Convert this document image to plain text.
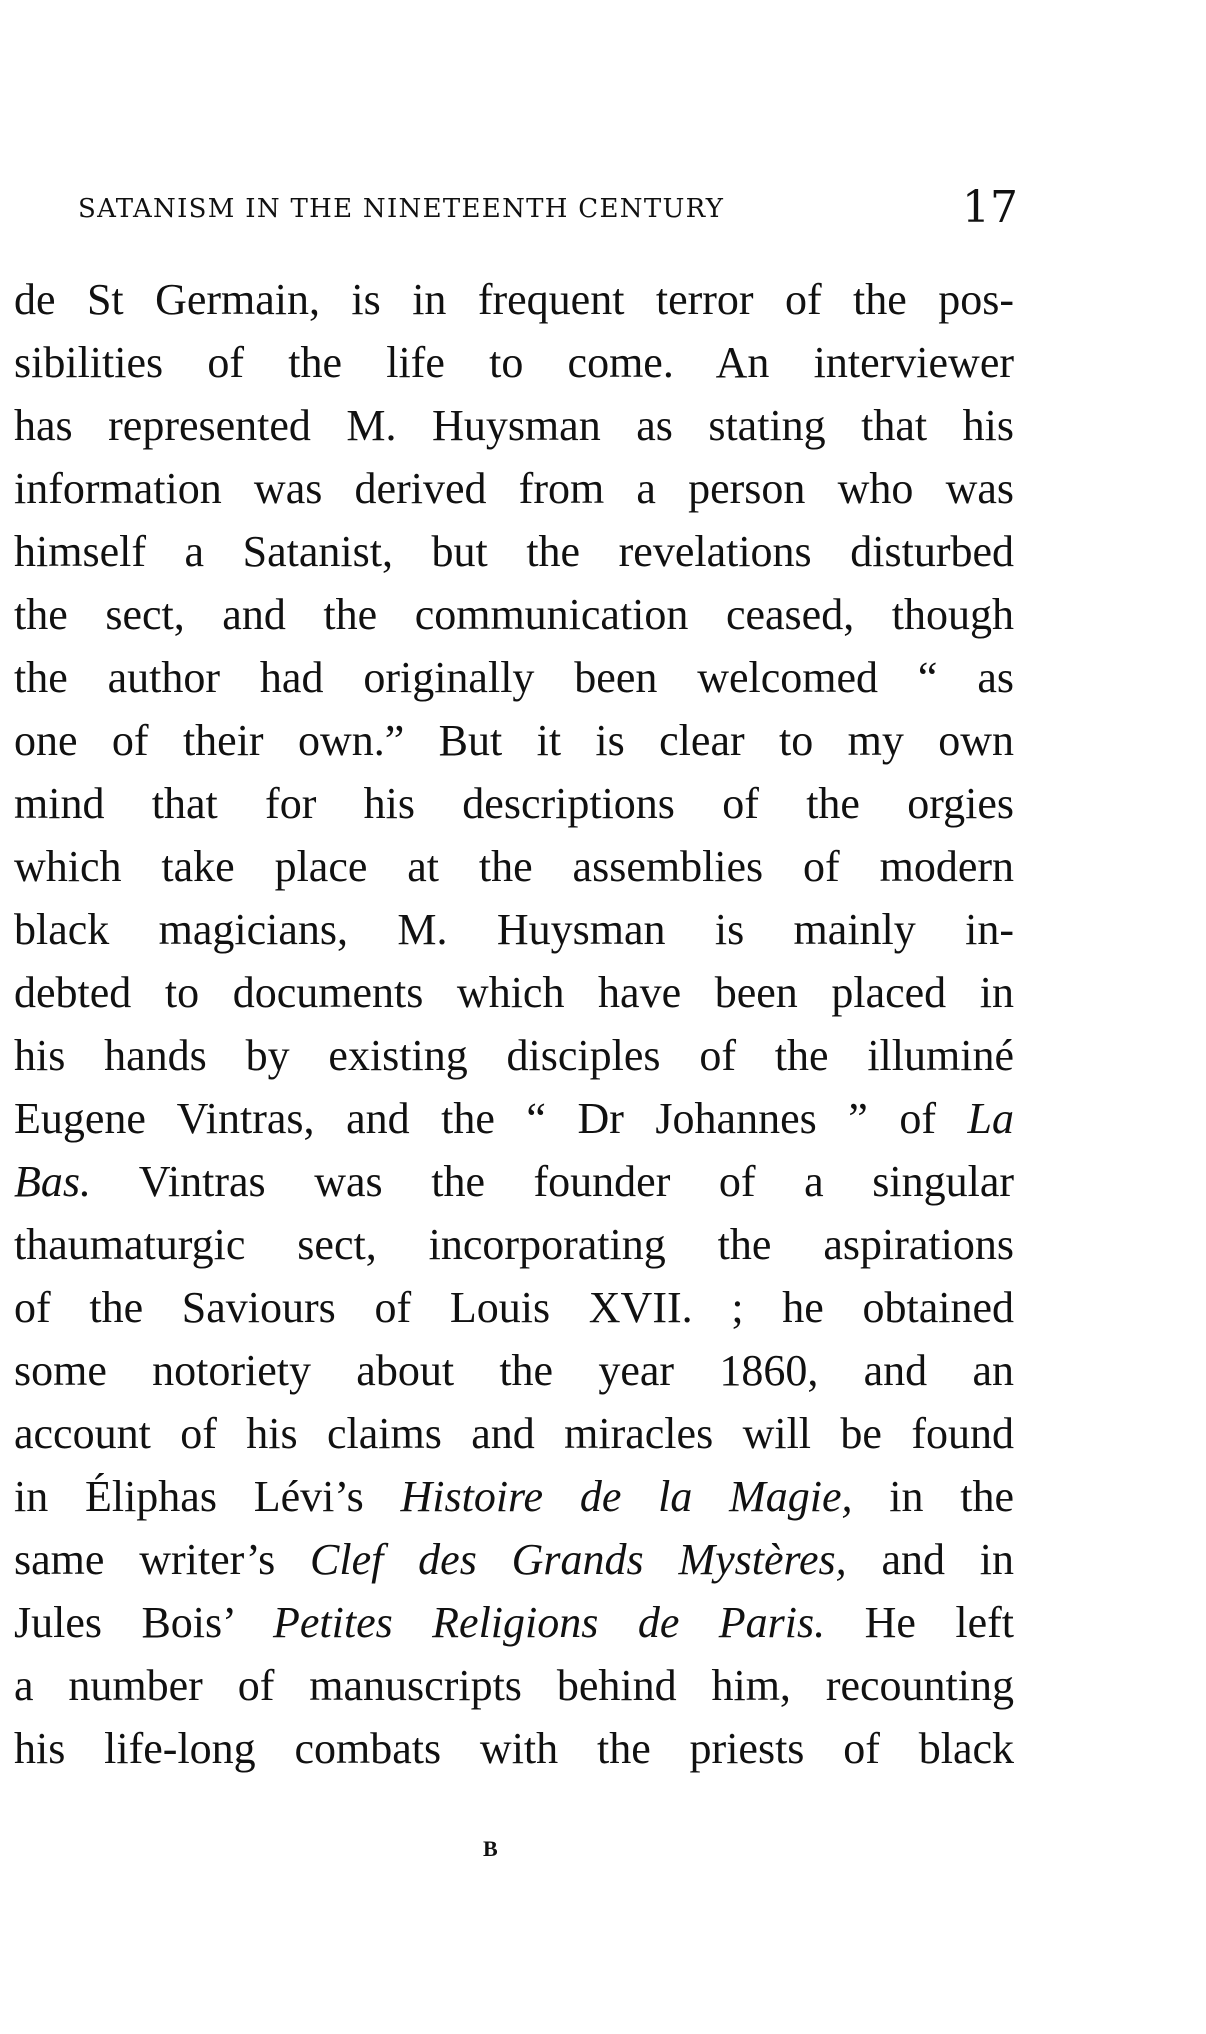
SATANISM IN THE NINETEENTH CENTURY	17
de St Germain, is in frequent terror of the pos-
sibilities of the life to come. An interviewer
has represented M. Huysman as stating that his
information was derived from a person who was
himself a Satanist, but the revelations disturbed
the sect, and the communication ceased, though
the author had originally been welcomed “ as
one of their own.” But it is clear to my own
mind that for his descriptions of the orgies
which take place at the assemblies of modern
black magicians, M. Huysman is mainly in-
debted to documents which have been placed in
his hands by existing disciples of the illuminé
Eugene Vintras, and the “ Dr Johannes ” of La
Bas. Vintras was the founder of a singular
thaumaturgic sect, incorporating the aspirations
of the Saviours of Louis XVII. ; he obtained
some notoriety about the year 1860, and an
account of his claims and miracles will be found
in Éliphas Lévi’s Histoire de la Magie, in the
same writer’s Clef des Grands Mystères, and in
Jules Bois’ Petites Religions de Paris. He left
a number of manuscripts behind him, recounting
his life-long combats with the priests of black
B
